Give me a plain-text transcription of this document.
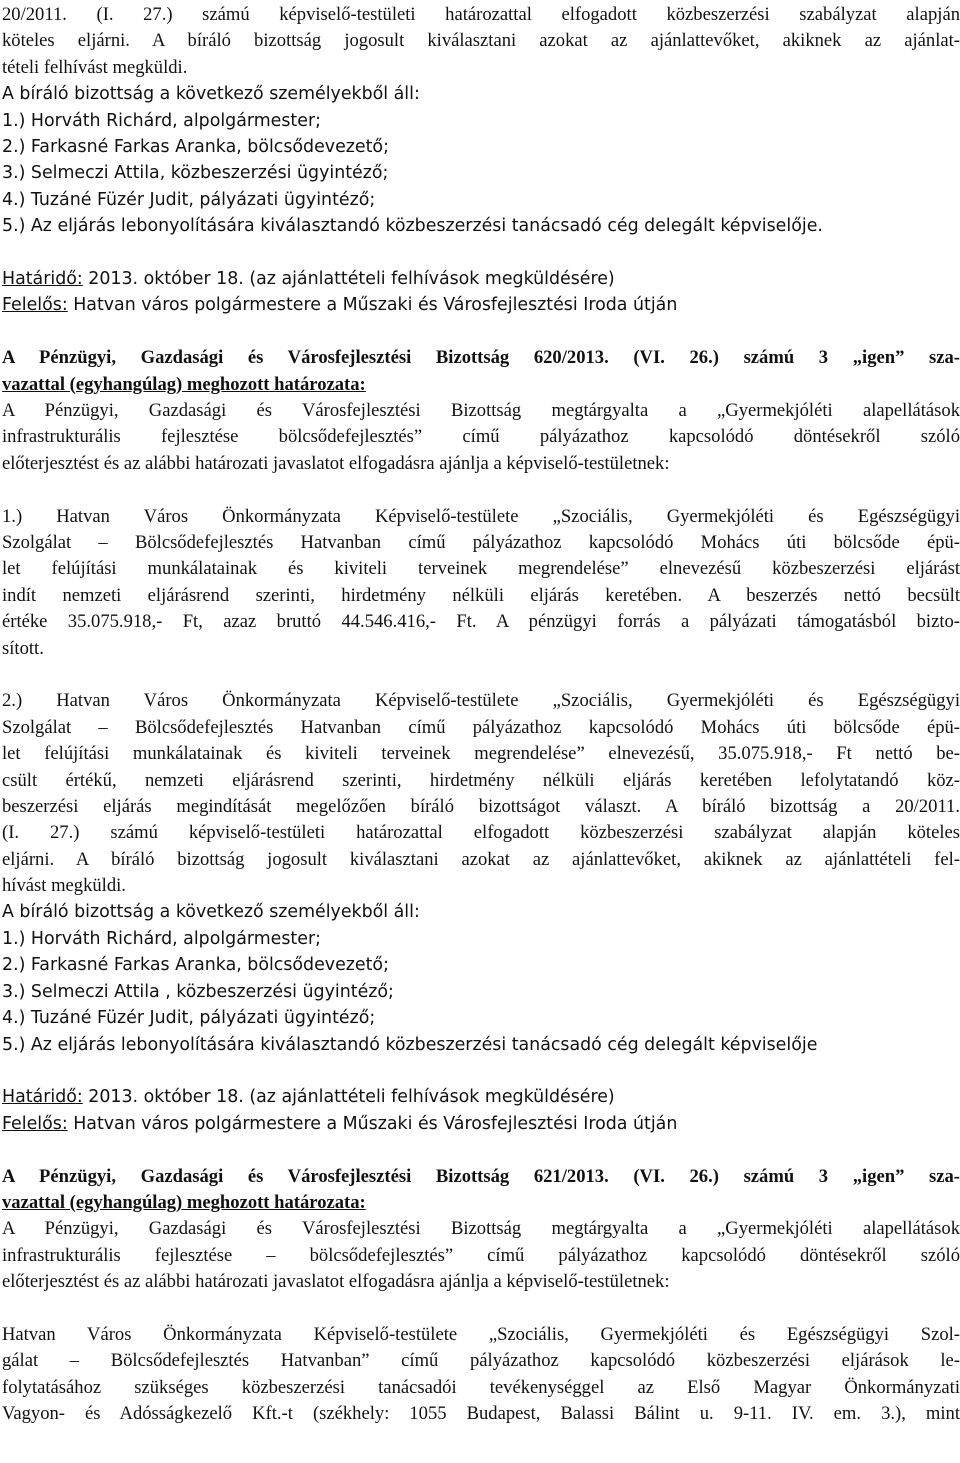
20/2011. (I. 27.) számú képviselő-testületi határozattal elfogadott közbeszerzési szabályzat alapján
köteles eljárni. A bíráló bizottság jogosult kiválasztani azokat az ajánlattevőket, akiknek az ajánlat-
tételi felhívást megküldi.
A bíráló bizottság a következő személyekből áll:
1.) Horváth Richárd, alpolgármester;
2.) Farkasné Farkas Aranka, bölcsődevezető;
3.) Selmeczi Attila, közbeszerzési ügyintéző;
4.) Tuzáné Füzér Judit, pályázati ügyintéző;
5.) Az eljárás lebonyolítására kiválasztandó közbeszerzési tanácsadó cég delegált képviselője.
Határidő: 2013. október 18. (az ajánlattételi felhívások megküldésére)
Felelős: Hatvan város polgármestere a Műszaki és Városfejlesztési Iroda útján
A Pénzügyi, Gazdasági és Városfejlesztési Bizottság 620/2013. (VI. 26.) számú 3 „igen” sza-
vazattal (egyhangúlag) meghozott határozata:
A Pénzügyi, Gazdasági és Városfejlesztési Bizottság megtárgyalta a „Gyermekjóléti alapellátások
infrastrukturális fejlesztése bölcsődefejlesztés” című pályázathoz kapcsolódó döntésekről szóló
előterjesztést és az alábbi határozati javaslatot elfogadásra ajánlja a képviselő-testületnek:
1.) Hatvan Város Önkormányzata Képviselő-testülete „Szociális, Gyermekjóléti és Egészségügyi
Szolgálat – Bölcsődefejlesztés Hatvanban című pályázathoz kapcsolódó Mohács úti bölcsőde épü-
let felújítási munkálatainak és kiviteli terveinek megrendelése” elnevezésű közbeszerzési eljárást
indít nemzeti eljárásrend szerinti, hirdetmény nélküli eljárás keretében. A beszerzés nettó becsült
értéke 35.075.918,- Ft, azaz bruttó 44.546.416,- Ft. A pénzügyi forrás a pályázati támogatásból bizto-
sított.
2.) Hatvan Város Önkormányzata Képviselő-testülete „Szociális, Gyermekjóléti és Egészségügyi
Szolgálat – Bölcsődefejlesztés Hatvanban című pályázathoz kapcsolódó Mohács úti bölcsőde épü-
let felújítási munkálatainak és kiviteli terveinek megrendelése” elnevezésű, 35.075.918,- Ft nettó be-
csült értékű, nemzeti eljárásrend szerinti, hirdetmény nélküli eljárás keretében lefolytatandó köz-
beszerzési eljárás megindítását megelőzően bíráló bizottságot választ. A bíráló bizottság a 20/2011.
(I. 27.) számú képviselő-testületi határozattal elfogadott közbeszerzési szabályzat alapján köteles
eljárni. A bíráló bizottság jogosult kiválasztani azokat az ajánlattevőket, akiknek az ajánlattételi fel-
hívást megküldi.
A bíráló bizottság a következő személyekből áll:
1.) Horváth Richárd, alpolgármester;
2.) Farkasné Farkas Aranka, bölcsődevezető;
3.) Selmeczi Attila , közbeszerzési ügyintéző;
4.) Tuzáné Füzér Judit, pályázati ügyintéző;
5.) Az eljárás lebonyolítására kiválasztandó közbeszerzési tanácsadó cég delegált képviselője
Határidő: 2013. október 18. (az ajánlattételi felhívások megküldésére)
Felelős: Hatvan város polgármestere a Műszaki és Városfejlesztési Iroda útján
A Pénzügyi, Gazdasági és Városfejlesztési Bizottság 621/2013. (VI. 26.) számú 3 „igen” sza-
vazattal (egyhangúlag) meghozott határozata:
A Pénzügyi, Gazdasági és Városfejlesztési Bizottság megtárgyalta a „Gyermekjóléti alapellátások
infrastrukturális fejlesztése – bölcsődefejlesztés” című pályázathoz kapcsolódó döntésekről szóló
előterjesztést és az alábbi határozati javaslatot elfogadásra ajánlja a képviselő-testületnek:
Hatvan Város Önkormányzata Képviselő-testülete „Szociális, Gyermekjóléti és Egészségügyi Szol-
gálat – Bölcsődefejlesztés Hatvanban” című pályázathoz kapcsolódó közbeszerzési eljárások le-
folytatásához szükséges közbeszerzési tanácsadói tevékenységgel az Első Magyar Önkormányzati
Vagyon- és Adósságkezelő Kft.-t (székhely: 1055 Budapest, Balassi Bálint u. 9-11. IV. em. 3.), mint
